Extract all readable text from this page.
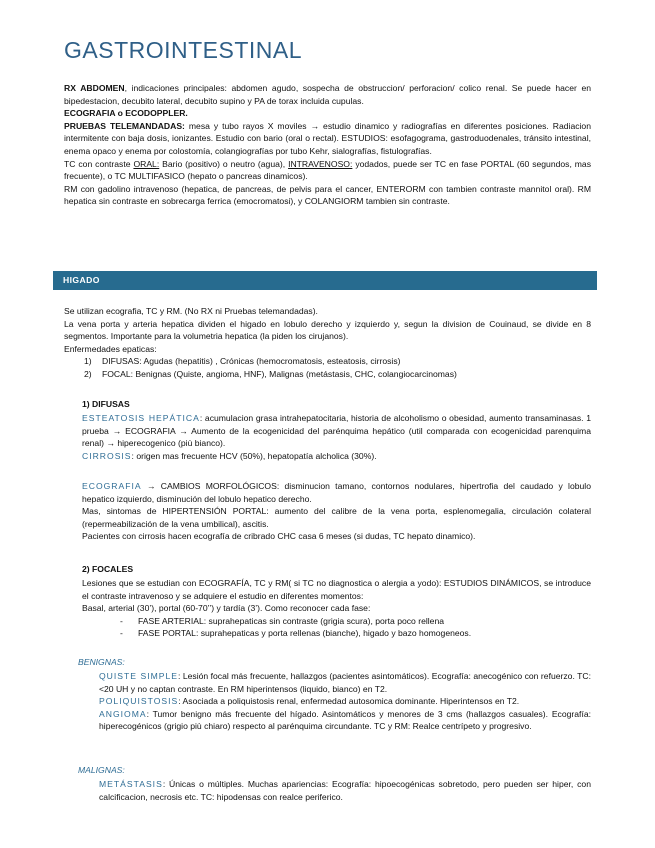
GASTROINTESTINAL
RX ABDOMEN, indicaciones principales: abdomen agudo, sospecha de obstruccion/ perforacion/ colico renal. Se puede hacer en bipedestacion, decubito lateral, decubito supino y PA de torax incluida cupulas.
ECOGRAFIA o ECODOPPLER.
PRUEBAS TELEMANDADAS: mesa y tubo rayos X moviles → estudio dinamico y radiografías en diferentes posiciones. Radiacion intermitente con baja dosis, ionizantes. Estudio con bario (oral o rectal). ESTUDIOS: esofagograma, gastroduodenales, tránsito intestinal, enema opaco y enema por colostomía, colangiografías por tubo Kehr, sialografías, fistulografías.
TC con contraste ORAL: Bario (positivo) o neutro (agua), INTRAVENOSO: yodados, puede ser TC en fase PORTAL (60 segundos, mas frecuente), o TC MULTIFASICO (hepato o pancreas dinamicos).
RM con gadolino intravenoso (hepatica, de pancreas, de pelvis para el cancer, ENTERORM con tambien contraste mannitol oral). RM hepatica sin contraste en sobrecarga ferrica (emocromatosi), y COLANGIORM tambien sin contraste.
HIGADO
Se utilizan ecografia, TC y RM. (No RX ni Pruebas telemandadas).
La vena porta y arteria hepatica dividen el higado en lobulo derecho y izquierdo y, segun la division de Couinaud, se divide en 8 segmentos. Importante para la volumetria hepatica (la piden los cirujanos).
Enfermedades epaticas:
1) DIFUSAS: Agudas (hepatitis) , Crónicas (hemocromatosis, esteatosis, cirrosis)
2) FOCAL: Benignas (Quiste, angioma, HNF), Malignas (metástasis, CHC, colangiocarcinomas)
1) DIFUSAS
ESTEATOSIS HEPÁTICA: acumulacion grasa intrahepatocitaria, historia de alcoholismo o obesidad, aumento transaminasas. 1 prueba → ECOGRAFIA → Aumento de la ecogenicidad del parénquima hepático (util comparada con ecogenicidad parenquima renal) → hiperecogenico (più bianco).
CIRROSIS: origen mas frecuente HCV (50%), hepatopatía alcholica (30%).
ECOGRAFIA → CAMBIOS MORFOLÓGICOS: disminucion tamano, contornos nodulares, hipertrofia del caudado y lobulo hepatico izquierdo, disminución del lobulo hepatico derecho.
Mas, sintomas de HIPERTENSIÓN PORTAL: aumento del calibre de la vena porta, esplenomegalia, circulación colateral (repermeabilización de la vena umbilical), ascitis.
Pacientes con cirrosis hacen ecografía de cribrado CHC casa 6 meses (si dudas, TC hepato dinamico).
2) FOCALES
Lesiones que se estudian con ECOGRAFÍA, TC y RM( si TC no diagnostica o alergia a yodo): ESTUDIOS DINÁMICOS, se introduce el contraste intravenoso y se adquiere el estudio en diferentes momentos:
Basal, arterial (30’), portal (60-70’’) y tardía (3’). Como reconocer cada fase:
- FASE ARTERIAL: suprahepaticas sin contraste (grigia scura), porta poco rellena
- FASE PORTAL: suprahepaticas y porta rellenas (bianche), higado y bazo homogeneos.
BENIGNAS:
QUISTE SIMPLE: Lesión focal más frecuente, hallazgos (pacientes asintomáticos). Ecografía: anecogénico con refuerzo. TC: <20 UH y no captan contraste. En RM hiperintensos (liquido, bianco) en T2.
POLIQUISTOSIS: Asociada a poliquistosis renal, enfermedad autosomica dominante. Hiperintensos en T2.
ANGIOMA: Tumor benigno más frecuente del hígado. Asintomáticos y menores de 3 cms (hallazgos casuales). Ecografía: hiperecogénicos (grigio più chiaro) respecto al parénquima circundante. TC y RM: Realce centrípeto y progresivo.
MALIGNAS:
METÁSTASIS: Únicas o múltiples. Muchas apariencias: Ecografía: hipoecogénicas sobretodo, pero pueden ser hiper, con calcificacion, necrosis etc. TC: hipodensas con realce periferico.
